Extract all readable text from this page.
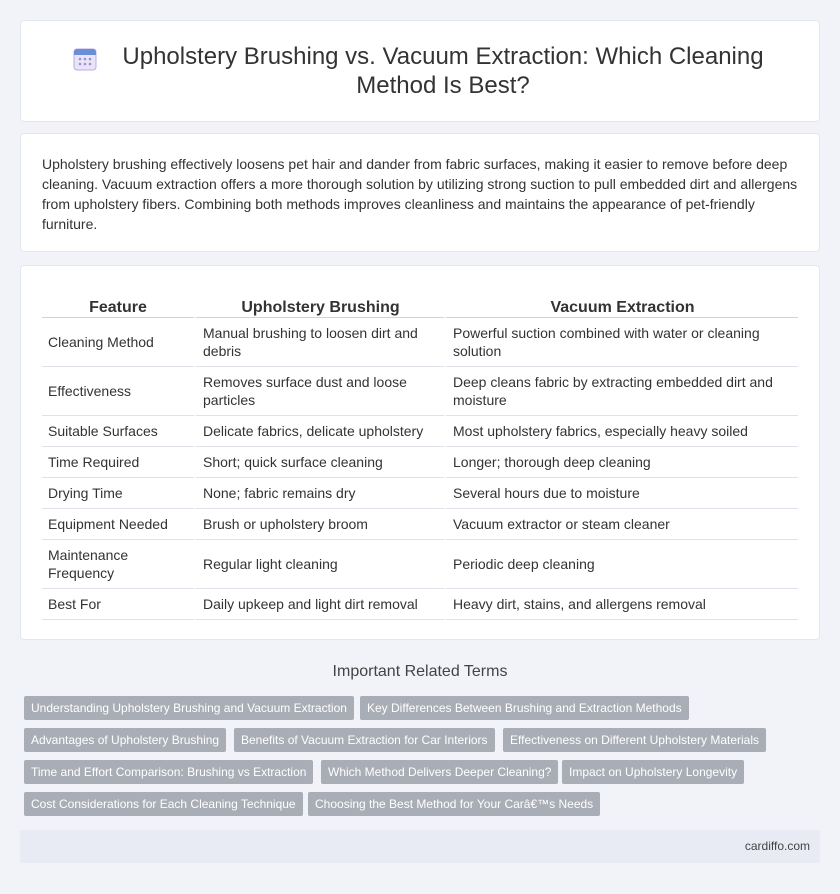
Upholstery Brushing vs. Vacuum Extraction: Which Cleaning Method Is Best?

Upholstery brushing effectively loosens pet hair and dander from fabric surfaces, making it easier to remove before deep cleaning. Vacuum extraction offers a more thorough solution by utilizing strong suction to pull embedded dirt and allergens from upholstery fibers. Combining both methods improves cleanliness and maintains the appearance of pet-friendly furniture.

Feature	Upholstery Brushing	Vacuum Extraction
Cleaning Method	Manual brushing to loosen dirt and debris	Powerful suction combined with water or cleaning solution
Effectiveness	Removes surface dust and loose particles	Deep cleans fabric by extracting embedded dirt and moisture
Suitable Surfaces	Delicate fabrics, delicate upholstery	Most upholstery fabrics, especially heavy soiled
Time Required	Short; quick surface cleaning	Longer; thorough deep cleaning
Drying Time	None; fabric remains dry	Several hours due to moisture
Equipment Needed	Brush or upholstery broom	Vacuum extractor or steam cleaner
Maintenance Frequency	Regular light cleaning	Periodic deep cleaning
Best For	Daily upkeep and light dirt removal	Heavy dirt, stains, and allergens removal
Important Related Terms
Understanding Upholstery Brushing and Vacuum Extraction	Key Differences Between Brushing and Extraction Methods
Advantages of Upholstery Brushing	Benefits of Vacuum Extraction for Car Interiors	Effectiveness on Different Upholstery Materials
Time and Effort Comparison: Brushing vs Extraction	Which Method Delivers Deeper Cleaning?	Impact on Upholstery Longevity
Cost Considerations for Each Cleaning Technique	Choosing the Best Method for Your Carâ€™s Needs
cardiffo.com
